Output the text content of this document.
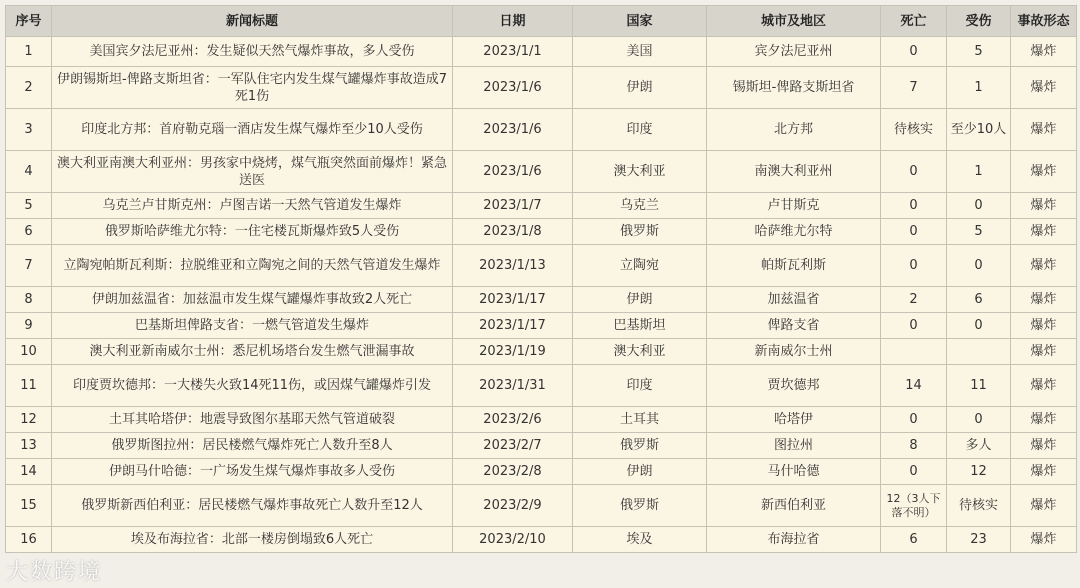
序号	新闻标题	日期	国家	城市及地区	死亡	受伤	事故形态
1	美国宾夕法尼亚州：发生疑似天然气爆炸事故，多人受伤	2023/1/1	美国	宾夕法尼亚州	0	5	爆炸
2	伊朗锡斯坦-俾路支斯坦省：一军队住宅内发生煤气罐爆炸事故造成7死1伤	2023/1/6	伊朗	锡斯坦-俾路支斯坦省	7	1	爆炸
3	印度北方邦：首府勒克瑙一酒店发生煤气爆炸至少10人受伤	2023/1/6	印度	北方邦	待核实	至少10人	爆炸
4	澳大利亚南澳大利亚州：男孩家中烧烤，煤气瓶突然面前爆炸！紧急送医	2023/1/6	澳大利亚	南澳大利亚州	0	1	爆炸
5	乌克兰卢甘斯克州：卢图吉诺一天然气管道发生爆炸	2023/1/7	乌克兰	卢甘斯克	0	0	爆炸
6	俄罗斯哈萨维尤尔特：一住宅楼瓦斯爆炸致5人受伤	2023/1/8	俄罗斯	哈萨维尤尔特	0	5	爆炸
7	立陶宛帕斯瓦利斯：拉脱维亚和立陶宛之间的天然气管道发生爆炸	2023/1/13	立陶宛	帕斯瓦利斯	0	0	爆炸
8	伊朗加兹温省：加兹温市发生煤气罐爆炸事故致2人死亡	2023/1/17	伊朗	加兹温省	2	6	爆炸
9	巴基斯坦俾路支省：一燃气管道发生爆炸	2023/1/17	巴基斯坦	俾路支省	0	0	爆炸
10	澳大利亚新南威尔士州：悉尼机场塔台发生燃气泄漏事故	2023/1/19	澳大利亚	新南威尔士州			爆炸
11	印度贾坎德邦：一大楼失火致14死11伤，或因煤气罐爆炸引发	2023/1/31	印度	贾坎德邦	14	11	爆炸
12	土耳其哈塔伊：地震导致图尔基耶天然气管道破裂	2023/2/6	土耳其	哈塔伊	0	0	爆炸
13	俄罗斯图拉州：居民楼燃气爆炸死亡人数升至8人	2023/2/7	俄罗斯	图拉州	8	多人	爆炸
14	伊朗马什哈德：一广场发生煤气爆炸事故多人受伤	2023/2/8	伊朗	马什哈德	0	12	爆炸
15	俄罗斯新西伯利亚：居民楼燃气爆炸事故死亡人数升至12人	2023/2/9	俄罗斯	新西伯利亚	12（3人下落不明）	待核实	爆炸
16	埃及布海拉省：北部一楼房倒塌致6人死亡	2023/2/10	埃及	布海拉省	6	23	爆炸
大数跨境
